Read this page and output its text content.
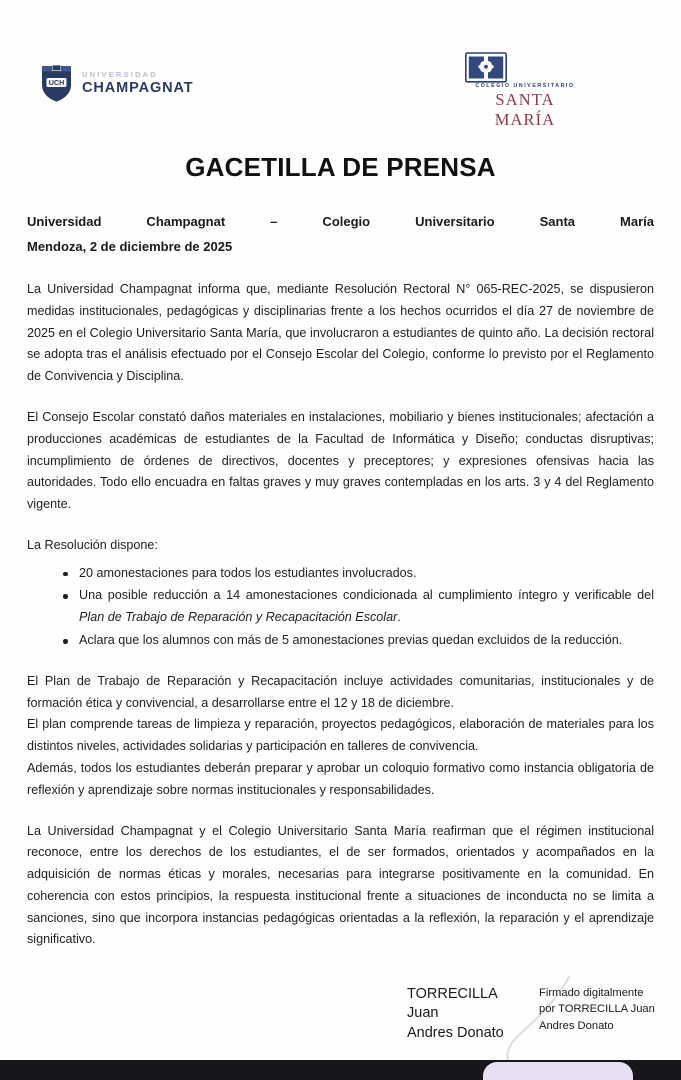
UCH
UNIVERSIDAD
CHAMPAGNAT	COLEGIO UNIVERSITARIO
SANTA MARÍA
GACETILLA DE PRENSA
Universidad Champagnat – Colegio Universitario Santa María
Mendoza, 2 de diciembre de 2025

La Universidad Champagnat informa que, mediante Resolución Rectoral N° 065-REC-2025, se dispusieron medidas institucionales, pedagógicas y disciplinarias frente a los hechos ocurridos el día 27 de noviembre de 2025 en el Colegio Universitario Santa María, que involucraron a estudiantes de quinto año. La decisión rectoral se adopta tras el análisis efectuado por el Consejo Escolar del Colegio, conforme lo previsto por el Reglamento de Convivencia y Disciplina.

El Consejo Escolar constató daños materiales en instalaciones, mobiliario y bienes institucionales; afectación a producciones académicas de estudiantes de la Facultad de Informática y Diseño; conductas disruptivas; incumplimiento de órdenes de directivos, docentes y preceptores; y expresiones ofensivas hacia las autoridades. Todo ello encuadra en faltas graves y muy graves contempladas en los arts. 3 y 4 del Reglamento vigente.

La Resolución dispone:

20 amonestaciones para todos los estudiantes involucrados.
Una posible reducción a 14 amonestaciones condicionada al cumplimiento íntegro y verificable del Plan de Trabajo de Reparación y Recapacitación Escolar.
Aclara que los alumnos con más de 5 amonestaciones previas quedan excluidos de la reducción.

El Plan de Trabajo de Reparación y Recapacitación incluye actividades comunitarias, institucionales y de formación ética y convivencial, a desarrollarse entre el 12 y 18 de diciembre.

El plan comprende tareas de limpieza y reparación, proyectos pedagógicos, elaboración de materiales para los distintos niveles, actividades solidarias y participación en talleres de convivencia.

Además, todos los estudiantes deberán preparar y aprobar un coloquio formativo como instancia obligatoria de reflexión y aprendizaje sobre normas institucionales y responsabilidades.

La Universidad Champagnat y el Colegio Universitario Santa María reafirman que el régimen institucional reconoce, entre los derechos de los estudiantes, el de ser formados, orientados y acompañados en la adquisición de normas éticas y morales, necesarias para integrarse positivamente en la comunidad. En coherencia con estos principios, la respuesta institucional frente a situaciones de inconducta no se limita a sanciones, sino que incorpora instancias pedagógicas orientadas a la reflexión, la reparación y el aprendizaje significativo.

TORRECILLA Juan
Andres Donato
Firmado digitalmente
por TORRECILLA Juan
Andres Donato
